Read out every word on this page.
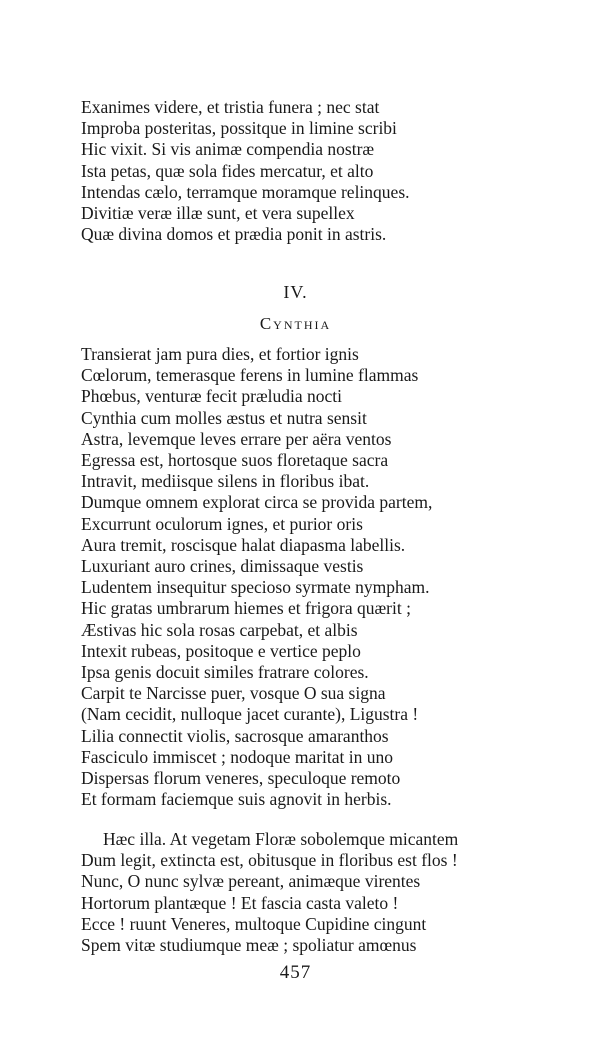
Exanimes videre, et tristia funera ; nec stat
Improba posteritas, possitque in limine scribi
Hic vixit. Si vis animæ compendia nostræ
Ista petas, quæ sola fides mercatur, et alto
Intendas cælo, terramque moramque relinques.
Divitiæ veræ illæ sunt, et vera supellex
Quæ divina domos et prædia ponit in astris.
IV.
Cynthia
Transierat jam pura dies, et fortior ignis
Cœlorum, temerasque ferens in lumine flammas
Phœbus, venturæ fecit præludia nocti
Cynthia cum molles æstus et nutra sensit
Astra, levemque leves errare per aëra ventos
Egressa est, hortosque suos floretaque sacra
Intravit, mediisque silens in floribus ibat.
Dumque omnem explorat circa se provida partem,
Excurrunt oculorum ignes, et purior oris
Aura tremit, roscisque halat diapasma labellis.
Luxuriant auro crines, dimissaque vestis
Ludentem insequitur specioso syrmate nympham.
Hic gratas umbrarum hiemes et frigora quærit ;
Æstivas hic sola rosas carpebat, et albis
Intexit rubeas, positoque e vertice peplo
Ipsa genis docuit similes fratrare colores.
Carpit te Narcisse puer, vosque O sua signa
(Nam cecidit, nulloque jacet curante), Ligustra !
Lilia connectit violis, sacrosque amaranthos
Fasciculo immiscet ; nodoque maritat in uno
Dispersas florum veneres, speculoque remoto
Et formam faciemque suis agnovit in herbis.
Hæc illa. At vegetam Floræ sobolemque micantem
Dum legit, extincta est, obitusque in floribus est flos !
Nunc, O nunc sylvæ pereant, animæque virentes
Hortorum plantæque ! Et fascia casta valeto !
Ecce ! ruunt Veneres, multoque Cupidine cingunt
Spem vitæ studiumque meæ ; spoliatur amœnus
457
